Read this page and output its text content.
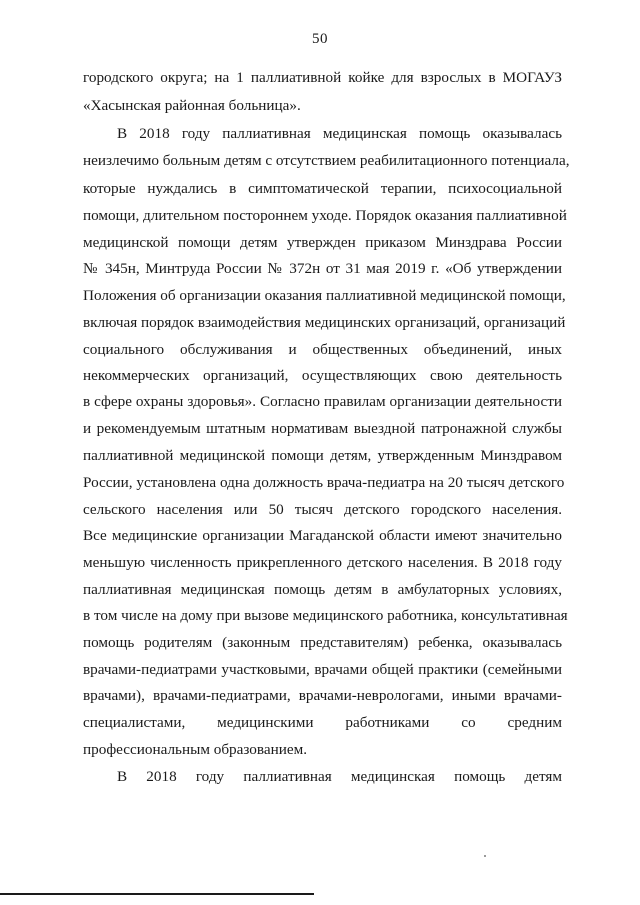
50
городского округа; на 1 паллиативной койке для взрослых в МОГАУЗ
«Хасынская районная больница».
В 2018 году паллиативная медицинская помощь оказывалась
неизлечимо больным детям с отсутствием реабилитационного потенциала,
которые нуждались в симптоматической терапии, психосоциальной
помощи, длительном постороннем уходе. Порядок оказания паллиативной
медицинской помощи детям утвержден приказом Минздрава России
№ 345н, Минтруда России № 372н от 31 мая 2019 г. «Об утверждении
Положения об организации оказания паллиативной медицинской помощи,
включая порядок взаимодействия медицинских организаций, организаций
социального обслуживания и общественных объединений, иных
некоммерческих организаций, осуществляющих свою деятельность
в сфере охраны здоровья». Согласно правилам организации деятельности
и рекомендуемым штатным нормативам выездной патронажной службы
паллиативной медицинской помощи детям, утвержденным Минздравом
России, установлена одна должность врача-педиатра на 20 тысяч детского
сельского населения или 50 тысяч детского городского населения.
Все медицинские организации Магаданской области имеют значительно
меньшую численность прикрепленного детского населения. В 2018 году
паллиативная медицинская помощь детям в амбулаторных условиях,
в том числе на дому при вызове медицинского работника, консультативная
помощь родителям (законным представителям) ребенка, оказывалась
врачами-педиатрами участковыми, врачами общей практики (семейными
врачами), врачами-педиатрами, врачами-неврологами, иными врачами-
специалистами, медицинскими работниками со средним
профессиональным образованием.
В 2018 году паллиативная медицинская помощь детям
